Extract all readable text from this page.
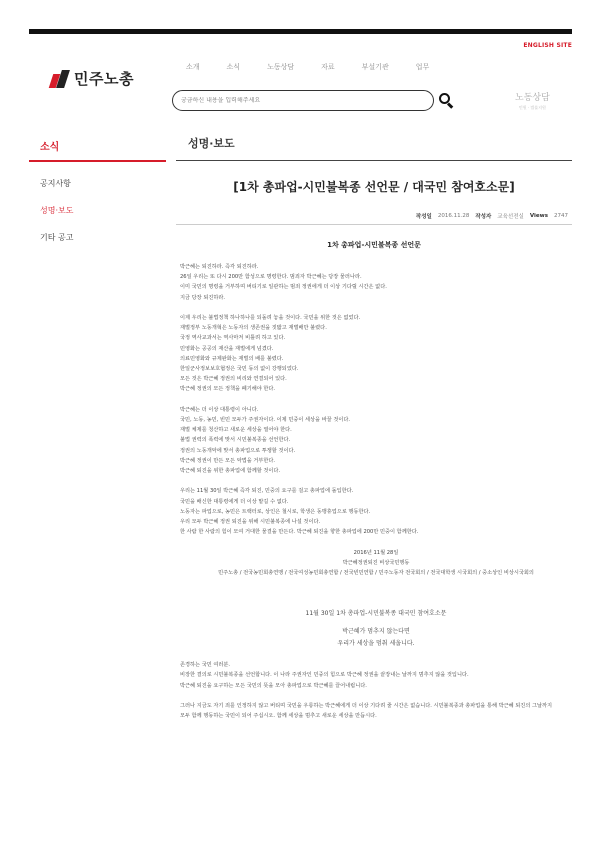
ENGLISH SITE
민주노총
소개	소식	노동상담	자료	부설기관	업무
궁금하신 내용을 입력해주세요
노동상담
민원 · 법률지원
소식
공지사항
성명·보도
기타 공고
성명·보도
[1차 총파업-시민불복종 선언문 / 대국민 참여호소문]
작성일 2016.11.28 작성자 교육선전실 Views 2747
1차 총파업-시민불복종 선언문

박근혜는 퇴진하라. 즉각 퇴진하라.
26일 우리는 또 다시 200만 함성으로 명령한다. 범죄자 박근혜는 당장 물러나라.
이미 국민의 명령을 거부하며 버티기로 일관하는 범죄 정권에게 더 이상 기다릴 시간은 없다.
지금 당장 퇴진하라.

이제 우리는 불법정책 하나하나를 되돌려 놓을 것이다. 국민을 위한 것은 없었다.
재벌정부 노동개혁은 노동자의 생존권을 짓밟고 재벌배만 불렸다.
국정 역사교과서는 역사마저 비틀려 하고 있다.
민영화는 공공의 재산을 재벌에게 넘겼다.
의료민영화와 규제완화는 재벌의 배를 불렸다.
한일군사정보보호협정은 국민 동의 없이 강행되었다.
모든 것은 박근혜 정권의 비리와 연결되어 있다.
박근혜 정권의 모든 정책을 폐기해야 한다.

박근혜는 더 이상 대통령이 아니다.
국민, 노동, 농민, 빈민 모두가 주권자이다. 이제 민중이 세상을 바꿀 것이다.
재벌 체제를 청산하고 새로운 세상을 열어야 한다.
불법 권력의 폭력에 맞서 시민불복종을 선언한다.
정권의 노동개악에 맞서 총파업으로 투쟁할 것이다.
박근혜 정권이 만든 모든 악법을 거부한다.
박근혜 퇴진을 위한 총파업에 함께할 것이다.

우리는 11월 30일 박근혜 즉각 퇴진, 민중의 요구를 걸고 총파업에 돌입한다.
국민을 배신한 대통령에게 더 이상 맡길 수 없다.
노동자는 파업으로, 농민은 트랙터로, 상인은 철시로, 학생은 동맹휴업으로 행동한다.
우리 모두 박근혜 정권 퇴진을 위해 시민불복종에 나설 것이다.
한 사람 한 사람의 힘이 모여 거대한 물결을 만든다. 박근혜 퇴진을 향한 총파업에 200만 민중이 함께한다.

2016년 11월 28일
박근혜정권퇴진 비상국민행동
민주노총 / 전국농민회총연맹 / 전국여성농민회총연합 / 전국빈민연합 / 민주노동자 전국회의 / 전국대학생 시국회의 / 중소상인 비상시국회의
11월 30일 1차 총파업-시민불복종 대국민 참여호소문
박근혜가 멈추지 않는다면
우리가 세상을 멈춰 세웁니다.

존경하는 국민 여러분.
비장한 결의로 시민불복종을 선언합니다. 이 나라 주권자인 민중의 힘으로 박근혜 정권을 끝장내는 날까지 멈추지 않을 것입니다.
박근혜 퇴진을 요구하는 모든 국민의 뜻을 모아 총파업으로 박근혜를 끌어내립니다.

그러나 지금도 자기 죄를 인정하지 않고 버티며 국민을 우롱하는 박근혜에게 더 이상 기다려 줄 시간은 없습니다. 시민불복종과 총파업을 통해 박근혜 퇴진의 그날까지
모두 함께 행동하는 국민이 되어 주십시오. 함께 세상을 멈추고 새로운 세상을 만듭시다.
